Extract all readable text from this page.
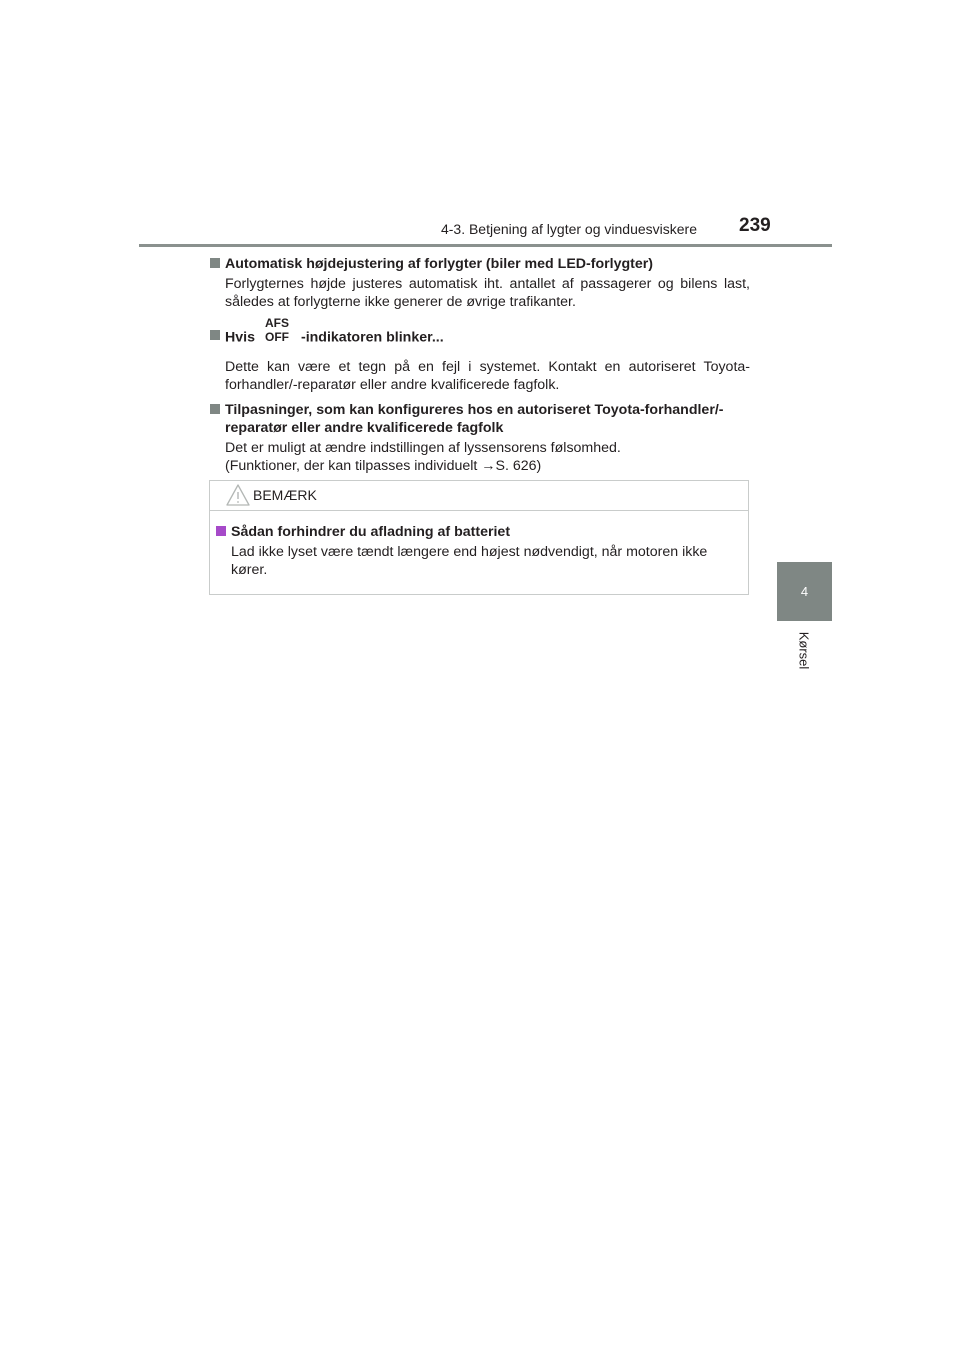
4-3. Betjening af lygter og vinduesviskere 239
4
Kørsel
Automatisk højdejustering af forlygter (biler med LED-forlygter)
Forlygternes højde justeres automatisk iht. antallet af passagerer og bilens last, således at forlygterne ikke generer de øvrige trafikanter.
Hvis
AFS
OFF -indikatoren blinker...
Dette kan være et tegn på en fejl i systemet. Kontakt en autoriseret Toyota-forhandler/-reparatør eller andre kvalificerede fagfolk.
Tilpasninger, som kan konfigureres hos en autoriseret Toyota-forhandler/-reparatør eller andre kvalificerede fagfolk
Det er muligt at ændre indstillingen af lyssensorens følsomhed.
(Funktioner, der kan tilpasses individuelt →S. 626)
BEMÆRK
Sådan forhindrer du afladning af batteriet
Lad ikke lyset være tændt længere end højest nødvendigt, når motoren ikke kører.
